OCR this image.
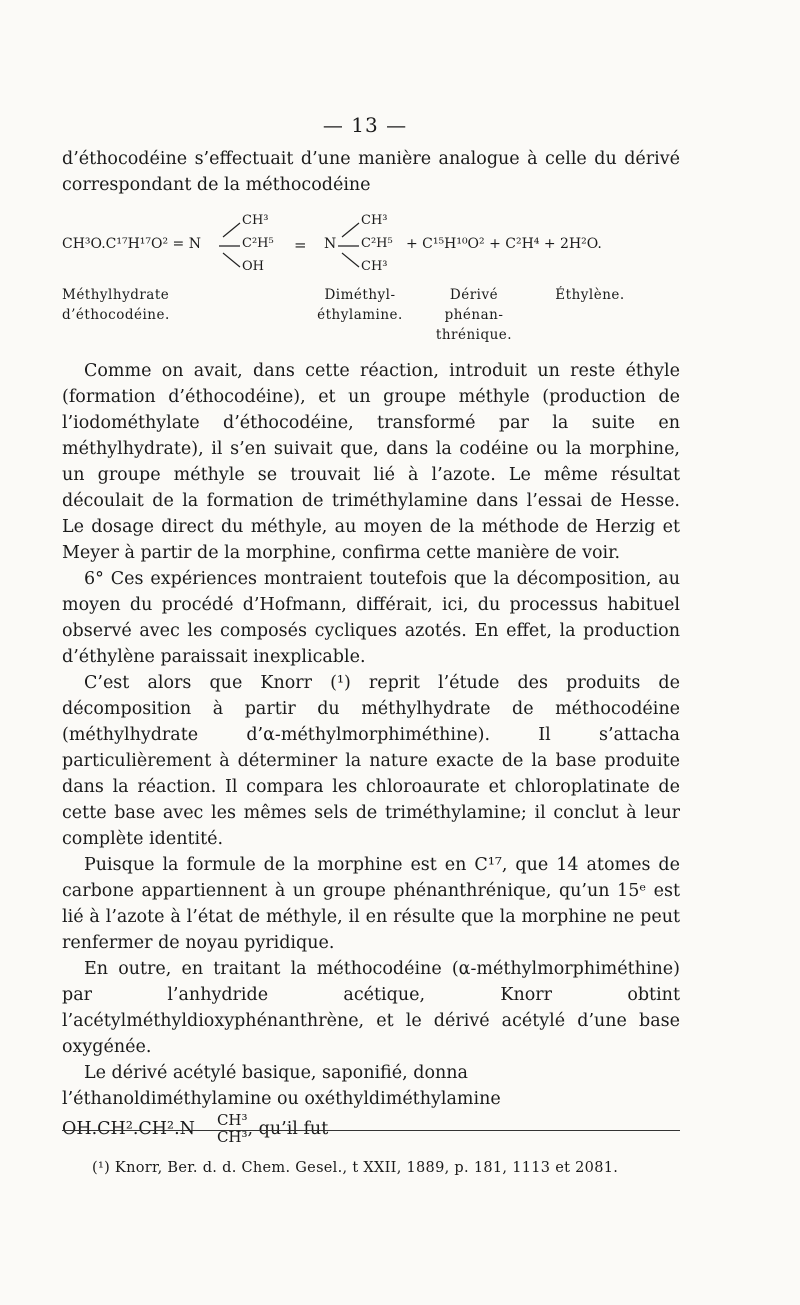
— 13 —
d’éthocodéine s’effectuait d’une manière analogue à celle du dérivé correspondant de la méthocodéine
CH³O.C¹⁷H¹⁷O² = N
CH³
C²H⁵
OH
= N
CH³
C²H⁵
CH³
+ C¹⁵H¹⁰O² + C²H⁴ + 2H²O.
Méthylhydrate
d’éthocodéine.
Diméthyl-
éthylamine.
Dérivé
phénan-
thrénique.
Éthylène.

Comme on avait, dans cette réaction, introduit un reste éthyle (formation d’éthocodéine), et un groupe méthyle (production de l’iodométhylate d’éthocodéine, transformé par la suite en méthylhydrate), il s’en suivait que, dans la codéine ou la morphine, un groupe méthyle se trouvait lié à l’azote. Le même résultat découlait de la formation de triméthylamine dans l’essai de Hesse. Le dosage direct du méthyle, au moyen de la méthode de Herzig et Meyer à partir de la morphine, confirma cette manière de voir.

6° Ces expériences montraient toutefois que la décomposition, au moyen du procédé d’Hofmann, différait, ici, du processus habituel observé avec les composés cycliques azotés. En effet, la production d’éthylène paraissait inexplicable.

C’est alors que Knorr (¹) reprit l’étude des produits de décomposition à partir du méthylhydrate de méthocodéine (méthylhydrate d’α-méthylmorphiméthine). Il s’attacha particulièrement à déterminer la nature exacte de la base produite dans la réaction. Il compara les chloroaurate et chloroplatinate de cette base avec les mêmes sels de triméthylamine; il conclut à leur complète identité.

Puisque la formule de la morphine est en C¹⁷, que 14 atomes de carbone appartiennent à un groupe phénanthrénique, qu’un 15ᵉ est lié à l’azote à l’état de méthyle, il en résulte que la morphine ne peut renfermer de noyau pyridique.

En outre, en traitant la méthocodéine (α-méthylmorphiméthine) par l’anhydride acétique, Knorr obtint l’acétylméthyldioxyphénanthrène, et le dérivé acétylé d’une base oxygénée.

Le dérivé acétylé basique, saponifié, donna l’éthanoldiméthylamine ou oxéthyldiméthylamine OH.CH².CH².N	CH³
CH³ , qu’il fut

(¹) Knorr, Ber. d. d. Chem. Gesel., t XXII, 1889, p. 181, 1113 et 2081.
